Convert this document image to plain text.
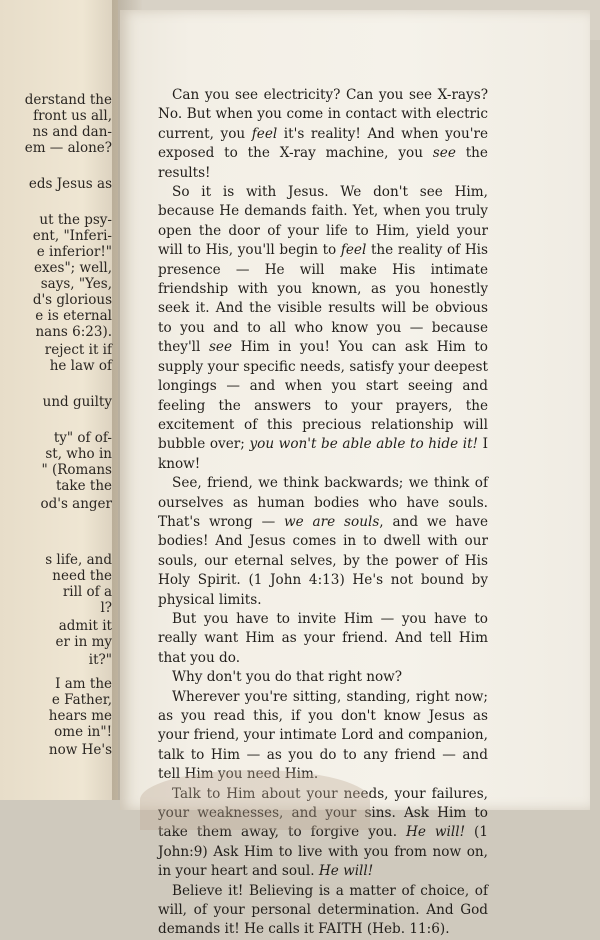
derstand the
front us all,
ns and dan-
em — alone?
eds Jesus as
ut the psy-
ent, "Inferi-
e inferior!"
exes"; well,
says, "Yes,
d's glorious
e is eternal
nans 6:23).
reject it if
he law of
und guilty
ty" of of-
st, who in
" (Romans
take the
od's anger
s life, and
need the
rill of a
l?
admit it
er in my
it?"
I am the
e Father,
hears me
ome in"!
now He's

Can you see electricity? Can you see X-rays? No. But when you come in contact with electric current, you feel it's reality! And when you're exposed to the X-ray machine, you see the results!

So it is with Jesus. We don't see Him, because He demands faith. Yet, when you truly open the door of your life to Him, yield your will to His, you'll begin to feel the reality of His presence — He will make His intimate friendship with you known, as you honestly seek it. And the visible results will be obvious to you and to all who know you — because they'll see Him in you! You can ask Him to supply your specific needs, satisfy your deepest longings — and when you start seeing and feeling the answers to your prayers, the excitement of this precious relationship will bubble over; you won't be able able to hide it! I know!

See, friend, we think backwards; we think of ourselves as human bodies who have souls. That's wrong — we are souls, and we have bodies! And Jesus comes in to dwell with our souls, our eternal selves, by the power of His Holy Spirit. (1 John 4:13) He's not bound by physical limits.

But you have to invite Him — you have to really want Him as your friend. And tell Him that you do.

Why don't you do that right now?

Wherever you're sitting, standing, right now; as you read this, if you don't know Jesus as your friend, your intimate Lord and companion, talk to Him — as you do to any friend — and tell Him you need Him.

Talk to Him about your needs, your failures, your weaknesses, and your sins. Ask Him to take them away, to forgive you. He will! (1 John:9) Ask Him to live with you from now on, in your heart and soul. He will!

Believe it! Believing is a matter of choice, of will, of your personal determination. And God demands it! He calls it FAITH (Heb. 11:6).
